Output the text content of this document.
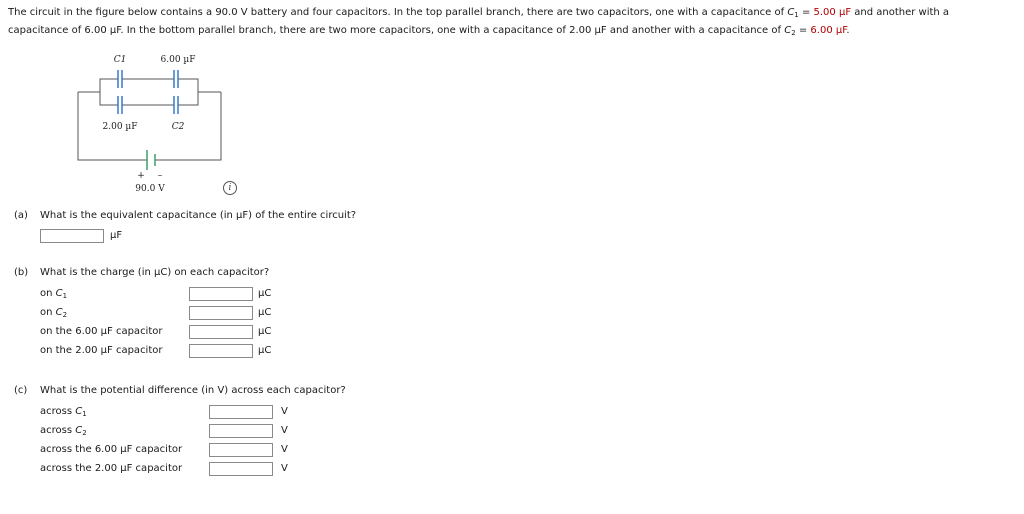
The circuit in the figure below contains a 90.0 V battery and four capacitors. In the top parallel branch, there are two capacitors, one with a capacitance of $C_1 = 5.00$ µF and another with a capacitance of 6.00 µF. In the bottom parallel branch, there are two more capacitors, one with a capacitance of 2.00 µF and another with a capacitance of $C_2 = 6.00$ µF.
C1	6.00 µF
2.00 µF	C2
+ –
90.0 V	i
(a) What is the equivalent capacitance (in µF) of the entire circuit?
µF
(b) What is the charge (in µC) on each capacitor?
on $C_1$	µC
on $C_2$	µC
on the 6.00 µF capacitor	µC
on the 2.00 µF capacitor	µC
(c) What is the potential difference (in V) across each capacitor?
across $C_1$	V
across $C_2$	V
across the 6.00 µF capacitor	V
across the 2.00 µF capacitor	V
